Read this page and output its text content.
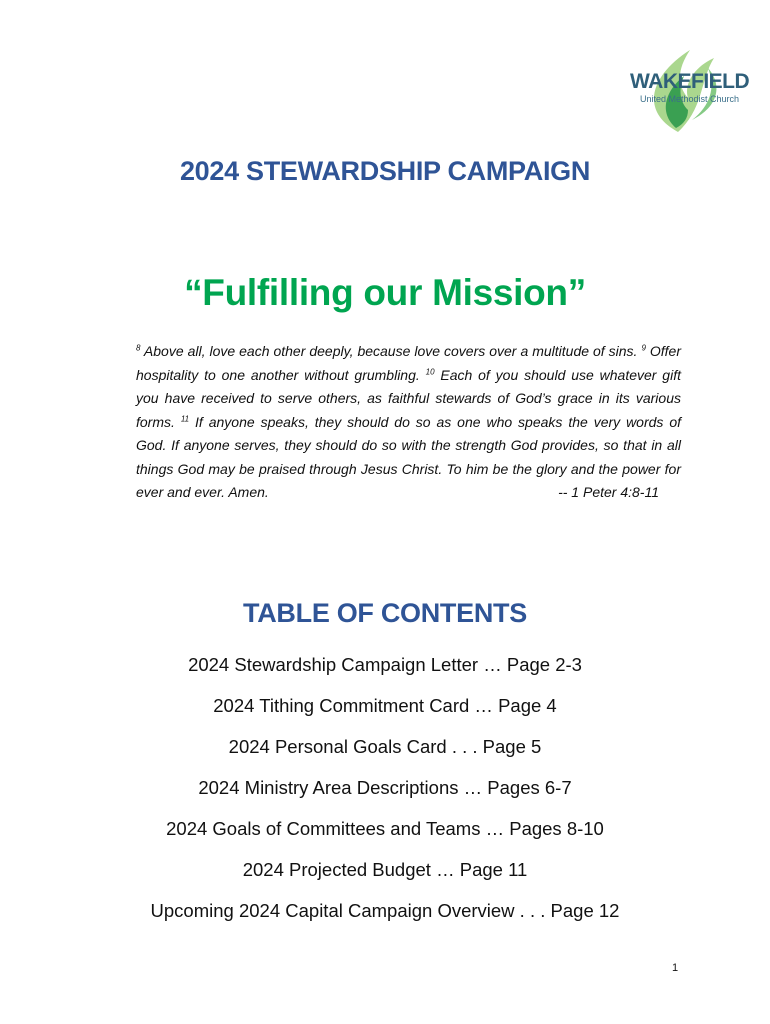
WAKEFIELD
United Methodist Church
2024 STEWARDSHIP CAMPAIGN
“Fulfilling our Mission”
$^8$ Above all, love each other deeply, because love covers over a multitude of sins. $^9$ Offer hospitality to one another without grumbling. $^{10}$ Each of you should use whatever gift you have received to serve others, as faithful stewards of God’s grace in its various forms. $^{11}$ If anyone speaks, they should do so as one who speaks the very words of God. If anyone serves, they should do so with the strength God provides, so that in all things God may be praised through Jesus Christ. To him be the glory and the power for ever and ever. Amen.	-- 1 Peter 4:8-11
TABLE OF CONTENTS
2024 Stewardship Campaign Letter … Page 2-3
2024 Tithing Commitment Card … Page 4
2024 Personal Goals Card . . . Page 5
2024 Ministry Area Descriptions … Pages 6-7
2024 Goals of Committees and Teams … Pages 8-10
2024 Projected Budget … Page 11
Upcoming 2024 Capital Campaign Overview . . . Page 12
1
